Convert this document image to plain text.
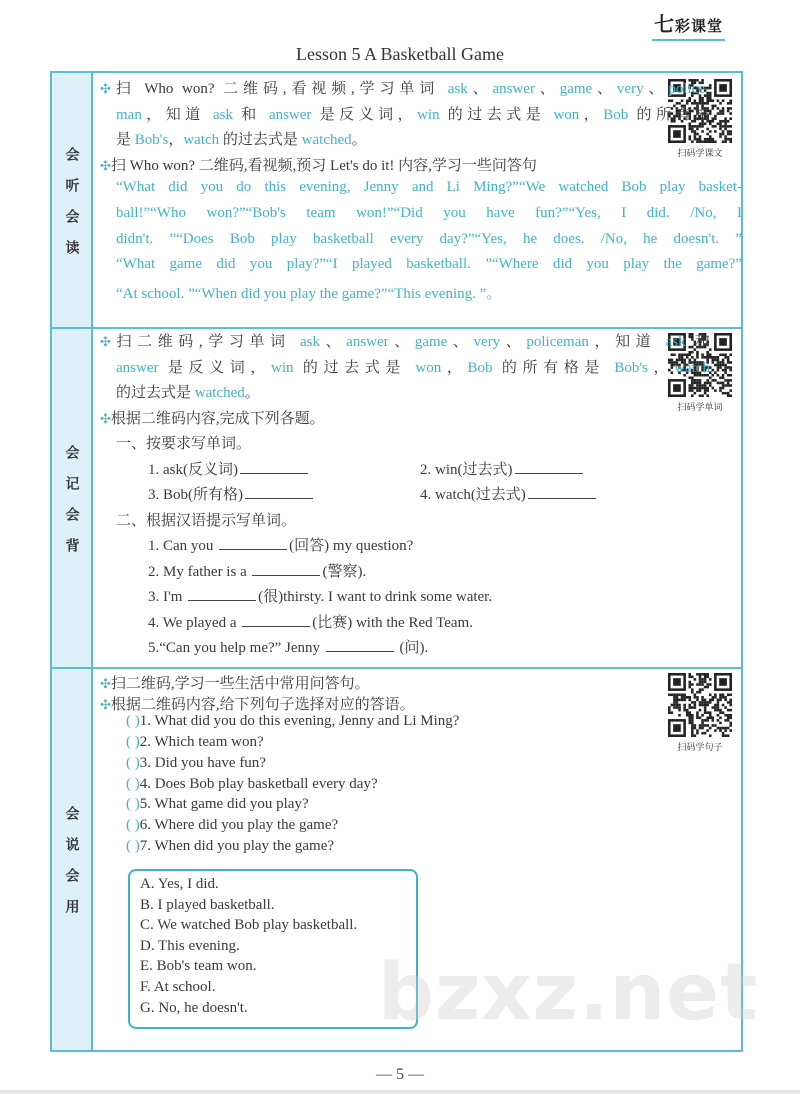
七彩课堂
Lesson 5 A Basketball Game
会听会读	扫码学课文
✣扫 Who won? 二维码,看视频,学习单词 ask、answer、game、very、police-
man，知道 ask 和 answer 是反义词，win 的过去式是 won，Bob 的所有格
是 Bob's，watch 的过去式是 watched。
✣扫 Who won? 二维码,看视频,预习 Let's do it! 内容,学习一些问答句
“What did you do this evening, Jenny and Li Ming?”“We watched Bob play basket-
ball!”“Who won?”“Bob's team won!”“Did you have fun?”“Yes, I did. /No, I
didn't. ”“Does Bob play basketball every day?”“Yes, he does. /No, he doesn't. ”
“What game did you play?”“I played basketball. ”“Where did you play the game?”
“At school. ”“When did you play the game?”“This evening. ”。
会记会背
扫码学单词
✣扫二维码,学习单词 ask、answer、game、very、policeman，知道 ask 和
answer 是反义词，win 的过去式是 won，Bob 的所有格是 Bob's，watch
的过去式是 watched。
✣根据二维码内容,完成下列各题。
一、按要求写单词。
1. ask(反义词)	2. win(过去式)
3. Bob(所有格)	4. watch(过去式)
二、根据汉语提示写单词。
1. Can you	(回答) my question?
2. My father is a	(警察).
3. I'm	(很)thirsty. I want to drink some water.
4. We played a	(比赛) with the Red Team.
5.“Can you help me?” Jenny	(问).
会说会用
扫码学句子
✣扫二维码,学习一些生活中常用问答句。
✣根据二维码内容,给下列句子选择对应的答语。
( )1. What did you do this evening, Jenny and Li Ming?
( )2. Which team won?
( )3. Did you have fun?
( )4. Does Bob play basketball every day?
( )5. What game did you play?
( )6. Where did you play the game?
( )7. When did you play the game?
A. Yes, I did.
B. I played basketball.
C. We watched Bob play basketball.
D. This evening.
E. Bob's team won.
F. At school.
G. No, he doesn't. bzxz.net
— 5 —
